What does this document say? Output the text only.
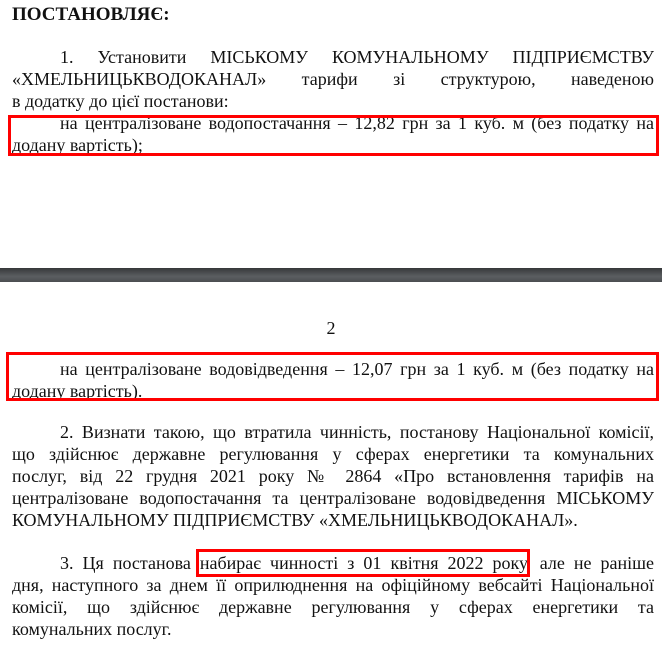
ПОСТАНОВЛЯЄ:
1. Установити МІСЬКОМУ КОМУНАЛЬНОМУ ПІДПРИЄМСТВУ
«ХМЕЛЬНИЦЬКВОДОКАНАЛ» тарифи зі структурою, наведеною
в додатку до цієї постанови:
на централізоване водопостачання – 12,82 грн за 1 куб. м (без податку на
додану вартість);
2
на централізоване водовідведення – 12,07 грн за 1 куб. м (без податку на
додану вартість).
2. Визнати такою, що втратила чинність, постанову Національної комісії,
що здійснює державне регулювання у сферах енергетики та комунальних
послуг, від 22 грудня 2021 року № 2864 «Про встановлення тарифів на
централізоване водопостачання та централізоване водовідведення МІСЬКОМУ
КОМУНАЛЬНОМУ ПІДПРИЄМСТВУ «ХМЕЛЬНИЦЬКВОДОКАНАЛ».
3. Ця постанова набирає чинності з 01 квітня 2022 року, але не раніше
дня, наступного за днем її оприлюднення на офіційному вебсайті Національної
комісії, що здійснює державне регулювання у сферах енергетики та
комунальних послуг.
